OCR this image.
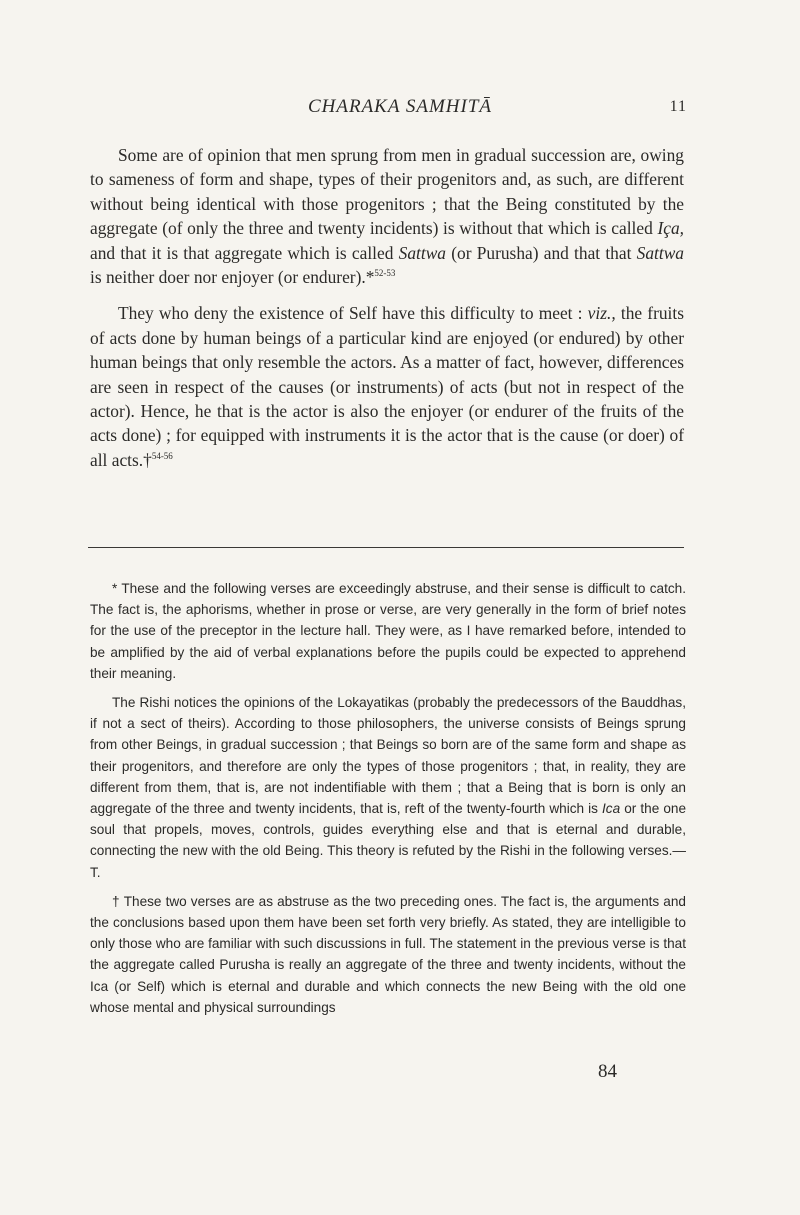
CHARAKA SAMHITĀ	11

Some are of opinion that men sprung from men in gradual succession are, owing to sameness of form and shape, types of their progenitors and, as such, are different without being identical with those progenitors ; that the Being constituted by the aggregate (of only the three and twenty incidents) is without that which is called Iça, and that it is that aggregate which is called Sattwa (or Purusha) and that that Sattwa is neither doer nor enjoyer (or endurer).*$^{52-53}$

They who deny the existence of Self have this difficulty to meet : viz., the fruits of acts done by human beings of a particular kind are enjoyed (or endured) by other human beings that only resemble the actors. As a matter of fact, however, differences are seen in respect of the causes (or instruments) of acts (but not in respect of the actor). Hence, he that is the actor is also the enjoyer (or endurer of the fruits of the acts done) ; for equipped with instruments it is the actor that is the cause (or doer) of all acts.†$^{54-56}$

* These and the following verses are exceedingly abstruse, and their sense is difficult to catch. The fact is, the aphorisms, whether in prose or verse, are very generally in the form of brief notes for the use of the preceptor in the lecture hall. They were, as I have remarked before, intended to be amplified by the aid of verbal explanations before the pupils could be expected to apprehend their meaning.

The Rishi notices the opinions of the Lokayatikas (probably the predecessors of the Bauddhas, if not a sect of theirs). According to those philosophers, the universe consists of Beings sprung from other Beings, in gradual succession ; that Beings so born are of the same form and shape as their progenitors, and therefore are only the types of those progenitors ; that, in reality, they are different from them, that is, are not indentifiable with them ; that a Being that is born is only an aggregate of the three and twenty incidents, that is, reft of the twenty-fourth which is Ica or the one soul that propels, moves, controls, guides everything else and that is eternal and durable, connecting the new with the old Being. This theory is refuted by the Rishi in the following verses.—T.

† These two verses are as abstruse as the two preceding ones. The fact is, the arguments and the conclusions based upon them have been set forth very briefly. As stated, they are intelligible to only those who are familiar with such discussions in full. The statement in the previous verse is that the aggregate called Purusha is really an aggregate of the three and twenty incidents, without the Ica (or Self) which is eternal and durable and which connects the new Being with the old one whose mental and physical surroundings

84
